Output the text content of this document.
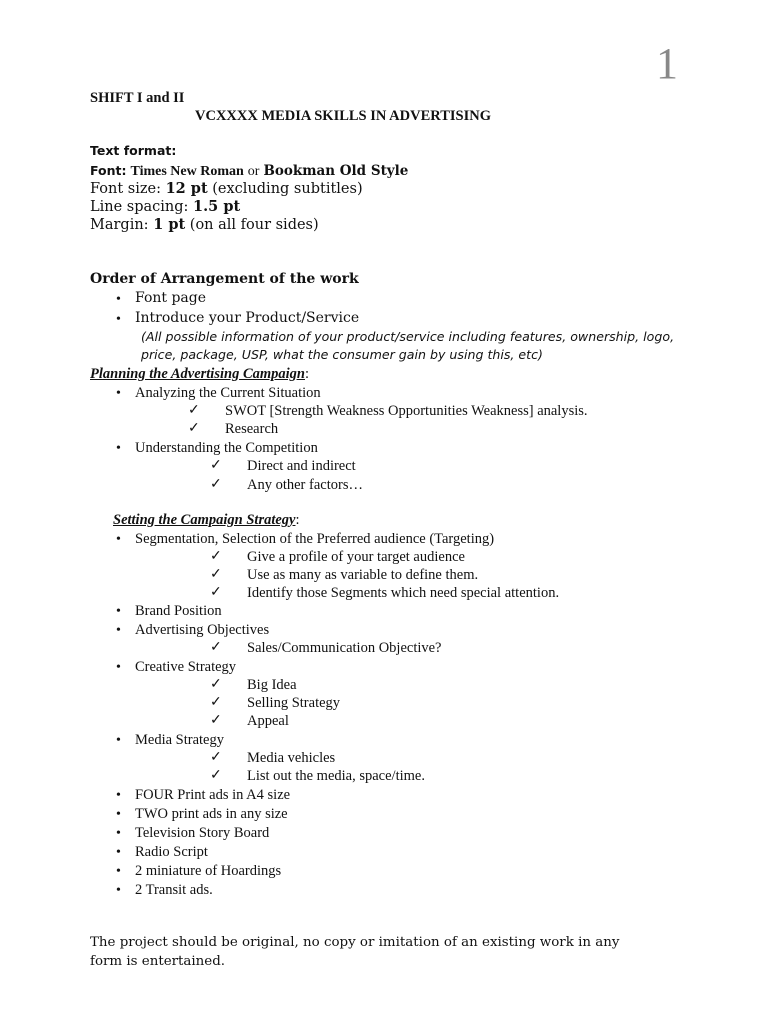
1
SHIFT I and II
VCXXXX MEDIA SKILLS IN ADVERTISING
Text format:
Font: Times New Roman or Bookman Old Style
Font size: 12 pt (excluding subtitles)
Line spacing: 1.5 pt
Margin: 1 pt (on all four sides)
Order of Arrangement of the work
• Font page
• Introduce your Product/Service
(All possible information of your product/service including features, ownership, logo,
price, package, USP, what the consumer gain by using this, etc)
Planning the Advertising Campaign:
• Analyzing the Current Situation
✓ SWOT [Strength Weakness Opportunities Weakness] analysis.
✓ Research
• Understanding the Competition
✓ Direct and indirect
✓ Any other factors…
Setting the Campaign Strategy:
• Segmentation, Selection of the Preferred audience (Targeting)
✓ Give a profile of your target audience
✓ Use as many as variable to define them.
✓ Identify those Segments which need special attention.
• Brand Position
• Advertising Objectives
✓ Sales/Communication Objective?
• Creative Strategy
✓ Big Idea
✓ Selling Strategy
✓ Appeal
• Media Strategy
✓ Media vehicles
✓ List out the media, space/time.
• FOUR Print ads in A4 size
• TWO print ads in any size
• Television Story Board
• Radio Script
• 2 miniature of Hoardings
• 2 Transit ads.
The project should be original, no copy or imitation of an existing work in any
form is entertained.
